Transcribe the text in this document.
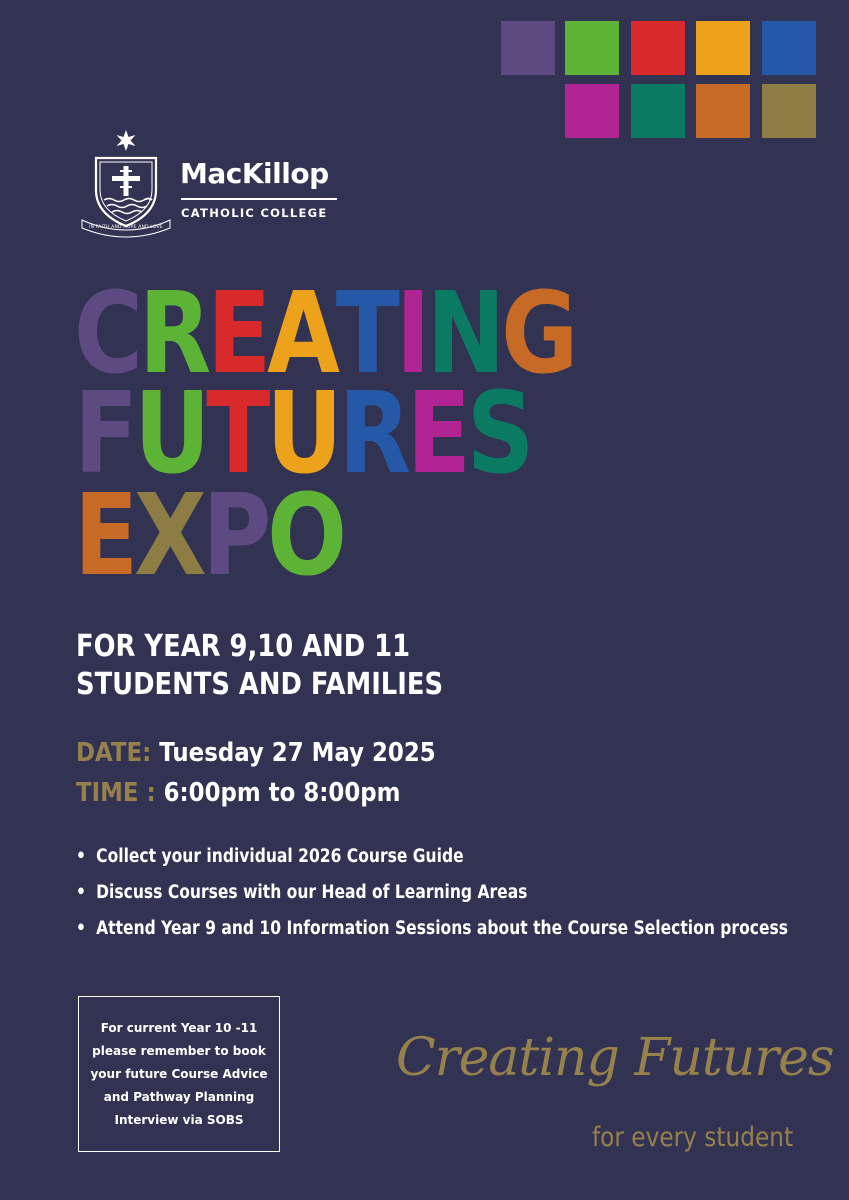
IN FAITH AND HOPE AND LOVE
MacKillop
CATHOLIC COLLEGE
CREATING
FUTURES
EXPO
FOR YEAR 9,10 AND 11
STUDENTS AND FAMILIES
DATE: Tuesday 27 May 2025
TIME : 6:00pm to 8:00pm
• Collect your individual 2026 Course Guide
• Discuss Courses with our Head of Learning Areas
• Attend Year 9 and 10 Information Sessions about the Course Selection process
For current Year 10 -11
please remember to book
your future Course Advice
and Pathway Planning
Interview via SOBS
Creating Futures
for every student
